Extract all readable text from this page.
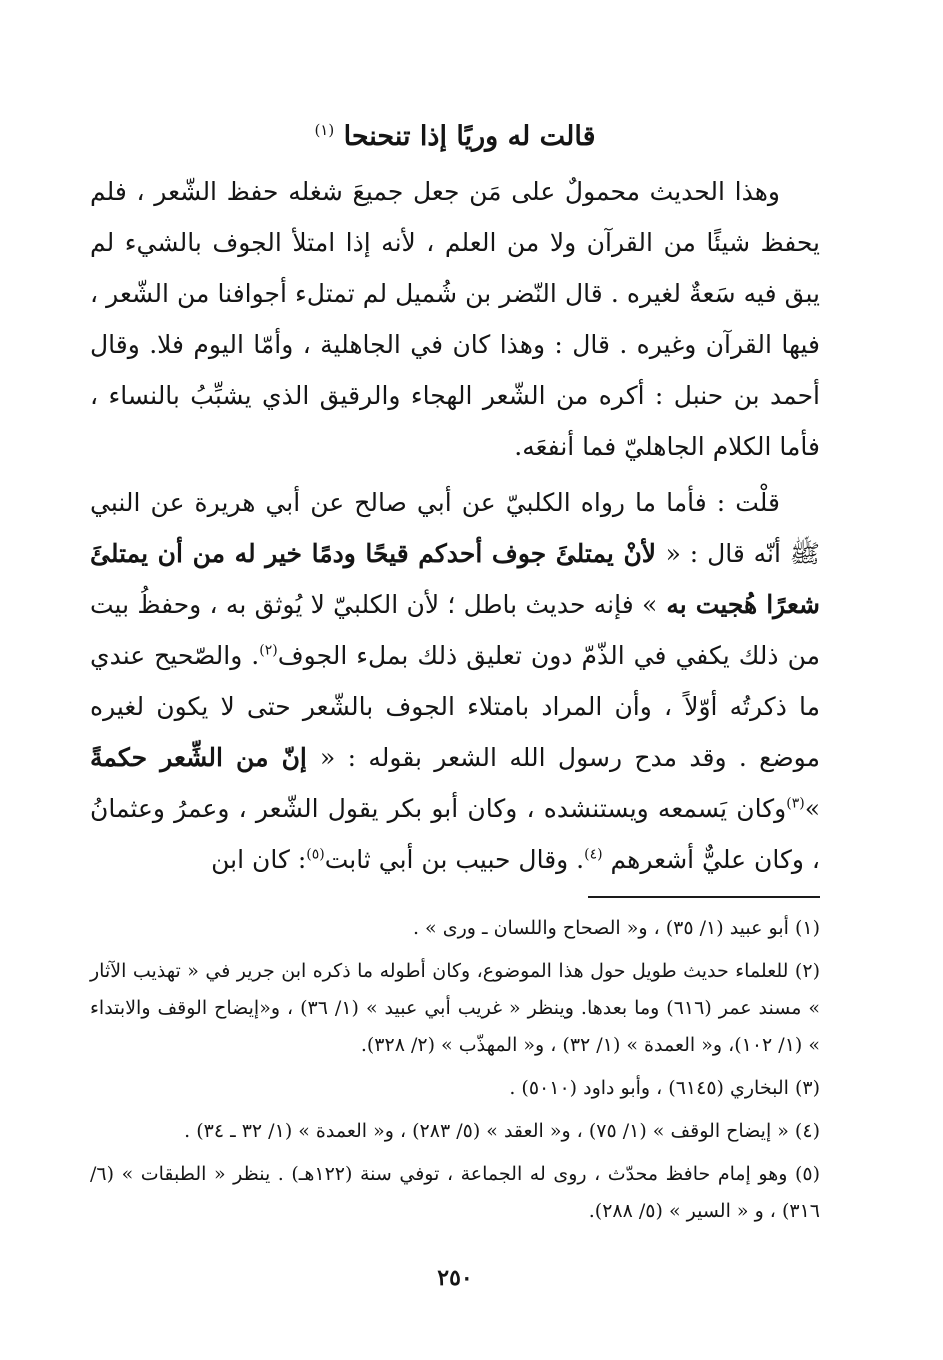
قالت له وريًا إذا تنحنحا $^{(١)}$

وهذا الحديث محمولٌ على مَن جعل جميعَ شغله حفظ الشّعر ، فلم يحفظ شيئًا من القرآن ولا من العلم ، لأنه إذا امتلأ الجوف بالشيء لم يبق فيه سَعةٌ لغيره . قال النّضر بن شُميل لم تمتلء أجوافنا من الشّعر ، فيها القرآن وغيره . قال : وهذا كان في الجاهلية ، وأمّا اليوم فلا. وقال أحمد بن حنبل : أكره من الشّعر الهجاء والرقيق الذي يشبِّبُ بالنساء ، فأما الكلام الجاهليّ فما أنفعَه.

قلْت : فأما ما رواه الكلبيّ عن أبي صالح عن أبي هريرة عن النبي ﷺ أنّه قال : « لأنْ يمتلئَ جوف أحدكم قيحًا ودمًا خير له من أن يمتلئَ شعرًا هُجيت به » فإنه حديث باطل ؛ لأن الكلبيّ لا يُوثق به ، وحفظُ بيت من ذلك يكفي في الذّمّ دون تعليق ذلك بملء الجوف$^{(٢)}$. والصّحيح عندي ما ذكرتُه أوّلاً ، وأن المراد بامتلاء الجوف بالشّعر حتى لا يكون لغيره موضع . وقد مدح رسول الله الشعر بقوله : « إنّ من الشِّعر حكمةً »$^{(٣)}$وكان يَسمعه ويستنشده ، وكان أبو بكر يقول الشّعر ، وعمرُ وعثمانُ ، وكان عليٌّ أشعرهم $^{(٤)}$. وقال حبيب بن أبي ثابت$^{(٥)}$: كان ابن

(١) أبو عبيد (١/ ٣٥) ، و« الصحاح واللسان ـ ورى » .

(٢) للعلماء حديث طويل حول هذا الموضوع، وكان أطوله ما ذكره ابن جرير في « تهذيب الآثار » مسند عمر (٦١٦) وما بعدها. وينظر « غريب أبي عبيد » (١/ ٣٦) ، و«إيضاح الوقف والابتداء » (١/ ١٠٢)، و« العمدة » (١/ ٣٢) ، و« المهذّب » (٢/ ٣٢٨).

(٣) البخاري (٦١٤٥) ، وأبو داود (٥٠١٠) .

(٤) « إيضاح الوقف » (١/ ٧٥) ، و« العقد » (٥/ ٢٨٣) ، و« العمدة » (١/ ٣٢ ـ ٣٤) .

(٥) وهو إمام حافظ محدّث ، روى له الجماعة ، توفي سنة (١٢٢هـ) . ينظر « الطبقات » (٦/ ٣١٦) ، و « السير » (٥/ ٢٨٨).

٢٥٠
